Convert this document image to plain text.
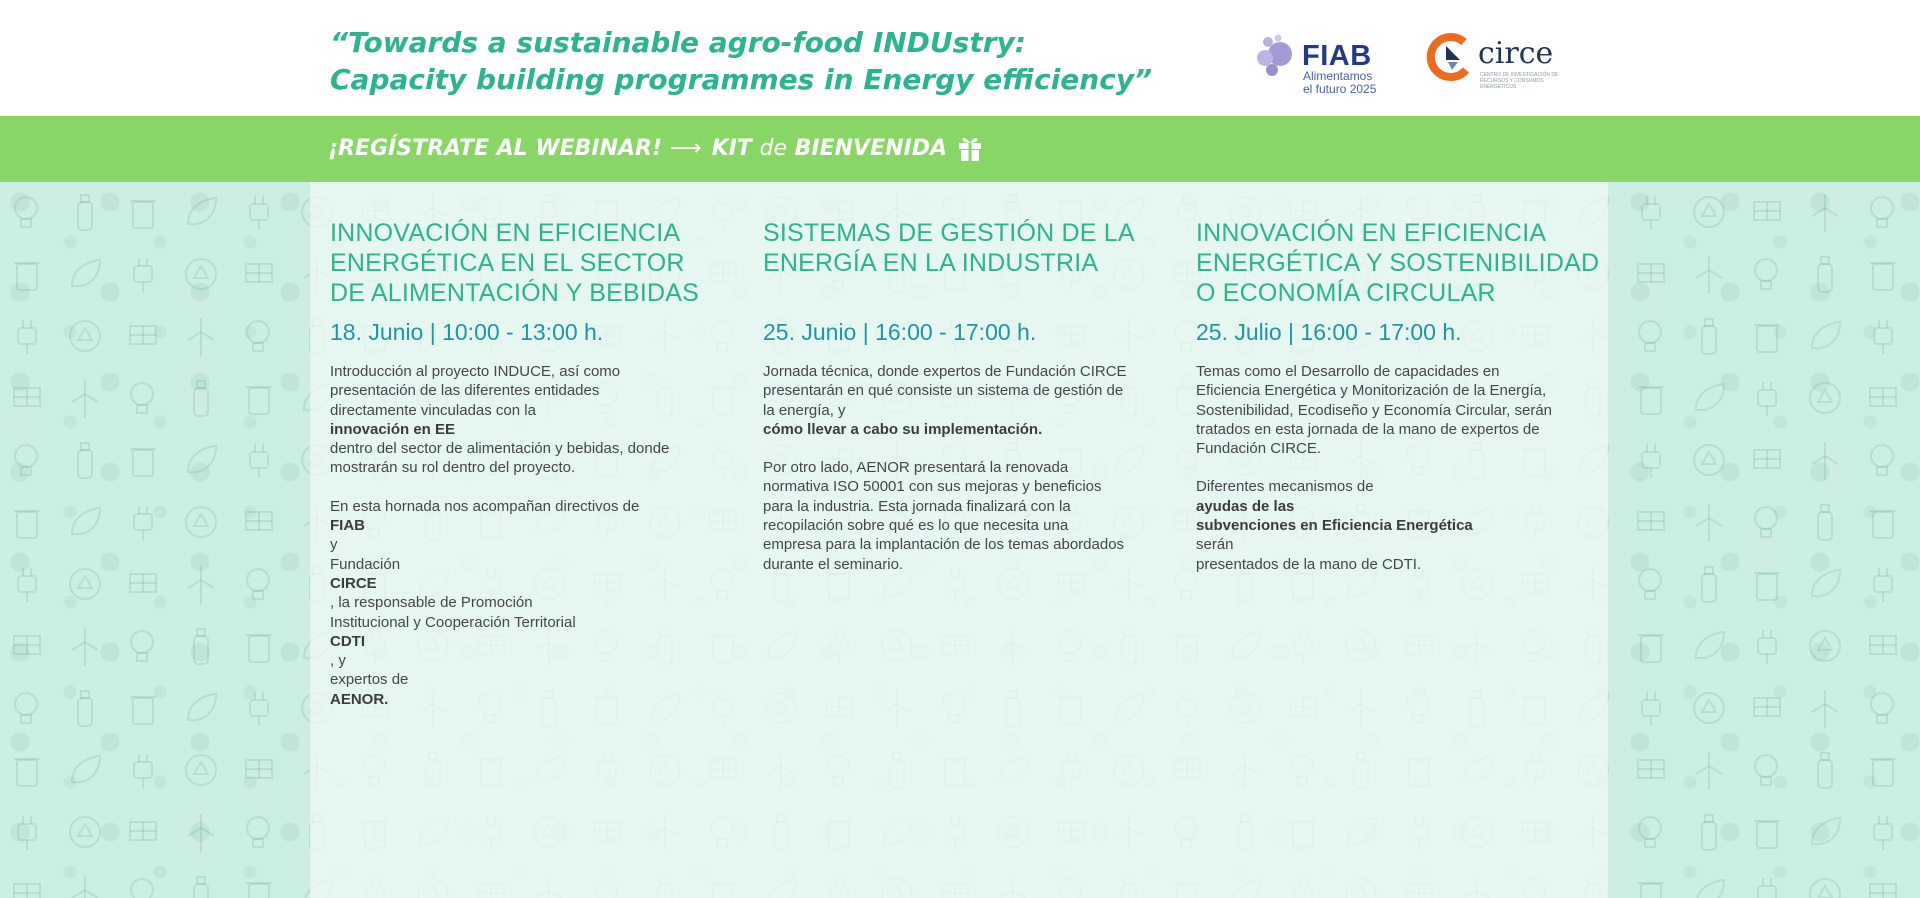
“Towards a sustainable agro-food INDUstry:
Capacity building programmes in Energy efficiency”
FIAB
Alimentamos
el futuro 2025
circe
CENTRO DE INVESTIGACIÓN DE RECURSOS Y CONSUMOS ENERGÉTICOS
¡REGÍSTRATE AL WEBINAR! ⟶ KIT de BIENVENIDA
INNOVACIÓN EN EFICIENCIA
ENERGÉTICA EN EL SECTOR
DE ALIMENTACIÓN Y BEBIDAS
18. Junio | 10:00 - 13:00 h.

Introducción al proyecto INDUCE, así como
presentación de las diferentes entidades
directamente vinculadas con la
innovación en EE
dentro del sector de alimentación y bebidas, donde
mostrarán su rol dentro del proyecto.

En esta hornada nos acompañan directivos de
FIAB
y
Fundación
CIRCE
, la responsable de Promoción
Institucional y Cooperación Territorial
CDTI
, y
expertos de
AENOR.

SISTEMAS DE GESTIÓN DE LA
ENERGÍA EN LA INDUSTRIA
25. Junio | 16:00 - 17:00 h.

Jornada técnica, donde expertos de Fundación CIRCE
presentarán en qué consiste un sistema de gestión de
la energía, y
cómo llevar a cabo su implementación.

Por otro lado, AENOR presentará la renovada
normativa ISO 50001 con sus mejoras y beneficios
para la industria. Esta jornada finalizará con la
recopilación sobre qué es lo que necesita una
empresa para la implantación de los temas abordados
durante el seminario.

INNOVACIÓN EN EFICIENCIA
ENERGÉTICA Y SOSTENIBILIDAD
O ECONOMÍA CIRCULAR
25. Julio | 16:00 - 17:00 h.

Temas como el Desarrollo de capacidades en
Eficiencia Energética y Monitorización de la Energía,
Sostenibilidad, Ecodiseño y Economía Circular, serán
tratados en esta jornada de la mano de expertos de
Fundación CIRCE.

Diferentes mecanismos de
ayudas de las
subvenciones en Eficiencia Energética
serán
presentados de la mano de CDTI.
